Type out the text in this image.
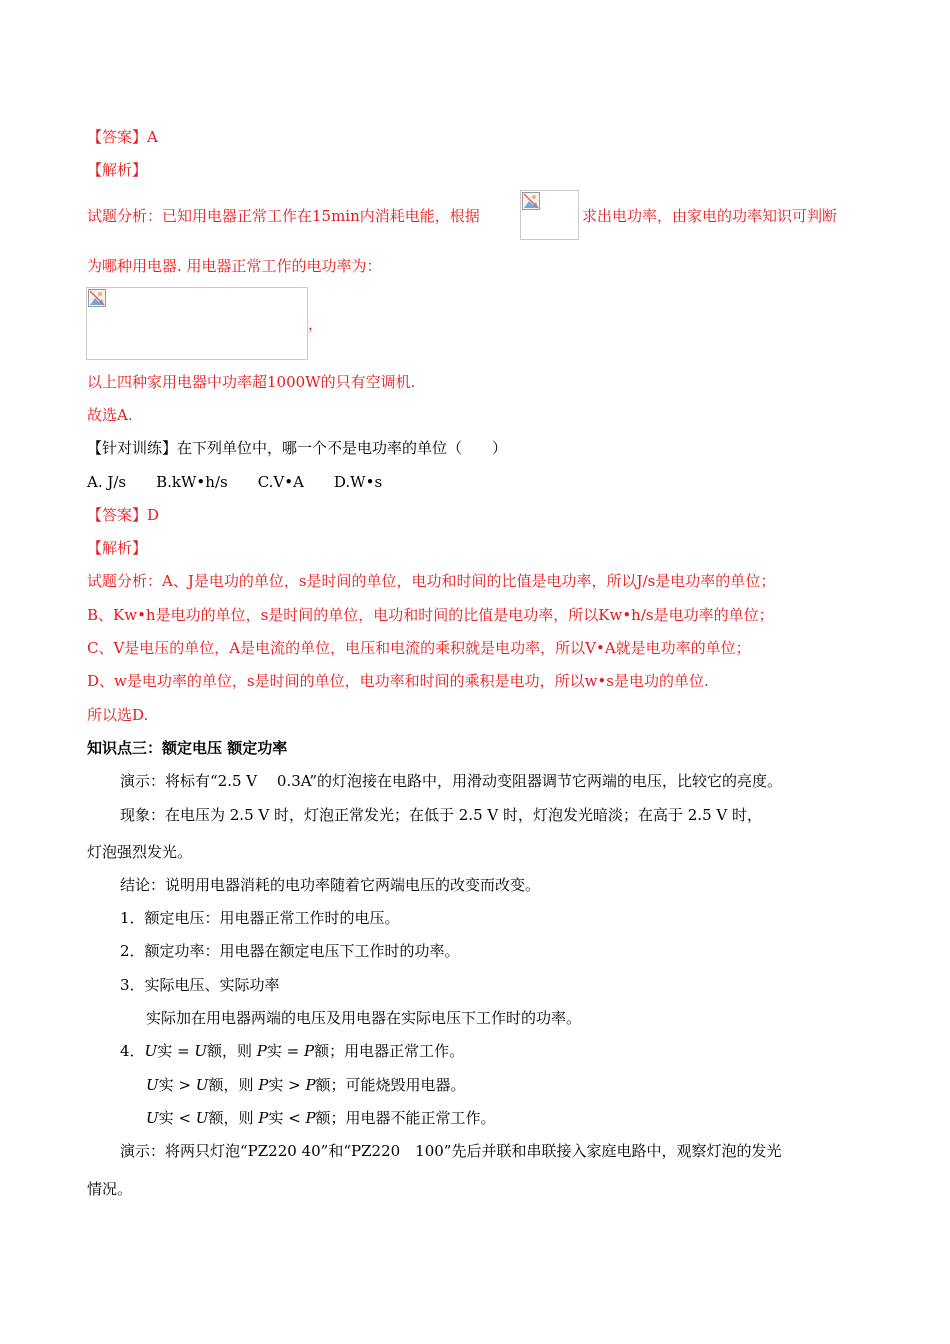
【答案】A
【解析】
试题分析：已知用电器正常工作在15min内消耗电能，根据	求出电功率，由家电的功率知识可判断
为哪种用电器. 用电器正常工作的电功率为：
，
以上四种家用电器中功率超1000W的只有空调机.
故选A.
【针对训练】在下列单位中，哪一个不是电功率的单位（　　）
A. J/s　　B.kW•h/s　　C.V•A　　D.W•s
【答案】D
【解析】
试题分析：A、J是电功的单位，s是时间的单位，电功和时间的比值是电功率，所以J/s是电功率的单位；
B、Kw•h是电功的单位，s是时间的单位，电功和时间的比值是电功率，所以Kw•h/s是电功率的单位；
C、V是电压的单位，A是电流的单位，电压和电流的乘积就是电功率，所以V•A就是电功率的单位；
D、w是电功率的单位，s是时间的单位，电功率和时间的乘积是电功，所以w•s是电功的单位.
所以选D.
知识点三：额定电压 额定功率
演示：将标有“2.5 V　 0.3A”的灯泡接在电路中，用滑动变阻器调节它两端的电压，比较它的亮度。
现象：在电压为 2.5 V 时，灯泡正常发光；在低于 2.5 V 时，灯泡发光暗淡；在高于 2.5 V 时，
灯泡强烈发光。
结论：说明用电器消耗的电功率随着它两端电压的改变而改变。
1．额定电压：用电器正常工作时的电压。
2．额定功率：用电器在额定电压下工作时的功率。
3．实际电压、实际功率
实际加在用电器两端的电压及用电器在实际电压下工作时的功率。
4．U实 = U额，则 P实 = P额；用电器正常工作。
U实 > U额，则 P实 > P额；可能烧毁用电器。
U实 < U额，则 P实 < P额；用电器不能正常工作。
演示：将两只灯泡“PZ220 40”和“PZ220　100”先后并联和串联接入家庭电路中，观察灯泡的发光
情况。
